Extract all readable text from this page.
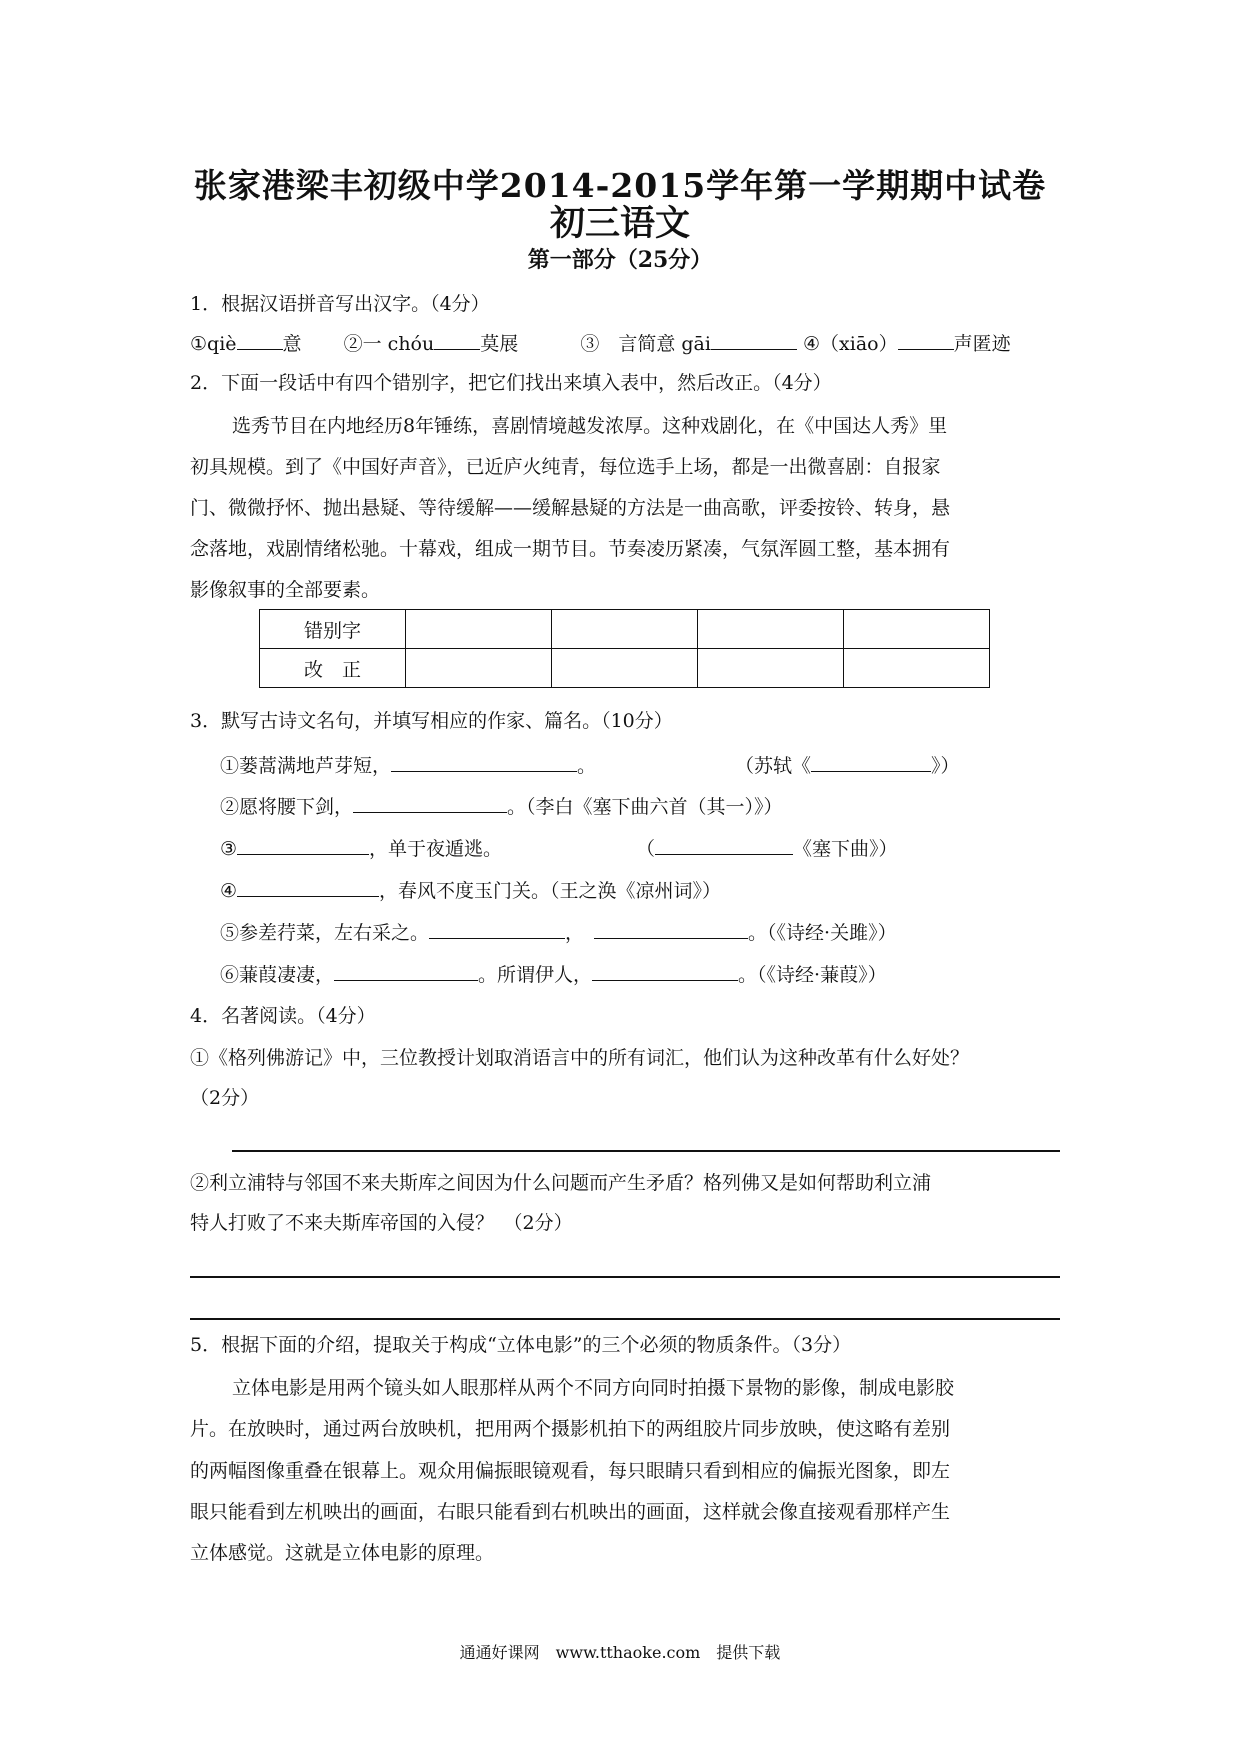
张家港梁丰初级中学2014-2015学年第一学期期中试卷
初三语文
第一部分（25分）
1．根据汉语拼音写出汉字。（4分）
①qiè 意 ②一 chóu 莫展	③　言简意 gāi	④（xiāo）	声匿迹
2．下面一段话中有四个错别字，把它们找出来填入表中，然后改正。（4分）
选秀节目在内地经历8年锤练，喜剧情境越发浓厚。这种戏剧化，在《中国达人秀》里
初具规模。到了《中国好声音》，已近庐火纯青，每位选手上场，都是一出微喜剧：自报家
门、微微抒怀、抛出悬疑、等待缓解——缓解悬疑的方法是一曲高歌，评委按铃、转身，悬
念落地，戏剧情绪松驰。十幕戏，组成一期节目。节奏凌历紧凑，气氛浑圆工整，基本拥有
影像叙事的全部要素。
错别字				
改　正				
3．默写古诗文名句，并填写相应的作家、篇名。（10分）
①蒌蒿满地芦芽短，	。	（苏轼《	》）
②愿将腰下剑，	。（李白《塞下曲六首（其一）》）
③	，单于夜遁逃。	（	《塞下曲》）
④	，春风不度玉门关。（王之涣《凉州词》）
⑤参差荇菜，左右采之。	，	。（《诗经·关雎》）
⑥蒹葭凄凄，	。所谓伊人，	。（《诗经·蒹葭》）
4．名著阅读。（4分）
①《格列佛游记》中，三位教授计划取消语言中的所有词汇，他们认为这种改革有什么好处？
（2分）
②利立浦特与邻国不来夫斯库之间因为什么问题而产生矛盾？格列佛又是如何帮助利立浦
特人打败了不来夫斯库帝国的入侵？　（2分）
5．根据下面的介绍，提取关于构成“立体电影”的三个必须的物质条件。（3分）
立体电影是用两个镜头如人眼那样从两个不同方向同时拍摄下景物的影像，制成电影胶
片。在放映时，通过两台放映机，把用两个摄影机拍下的两组胶片同步放映，使这略有差别
的两幅图像重叠在银幕上。观众用偏振眼镜观看，每只眼睛只看到相应的偏振光图象，即左
眼只能看到左机映出的画面，右眼只能看到右机映出的画面，这样就会像直接观看那样产生
立体感觉。这就是立体电影的原理。
通通好课网　www.tthaoke.com　提供下载
